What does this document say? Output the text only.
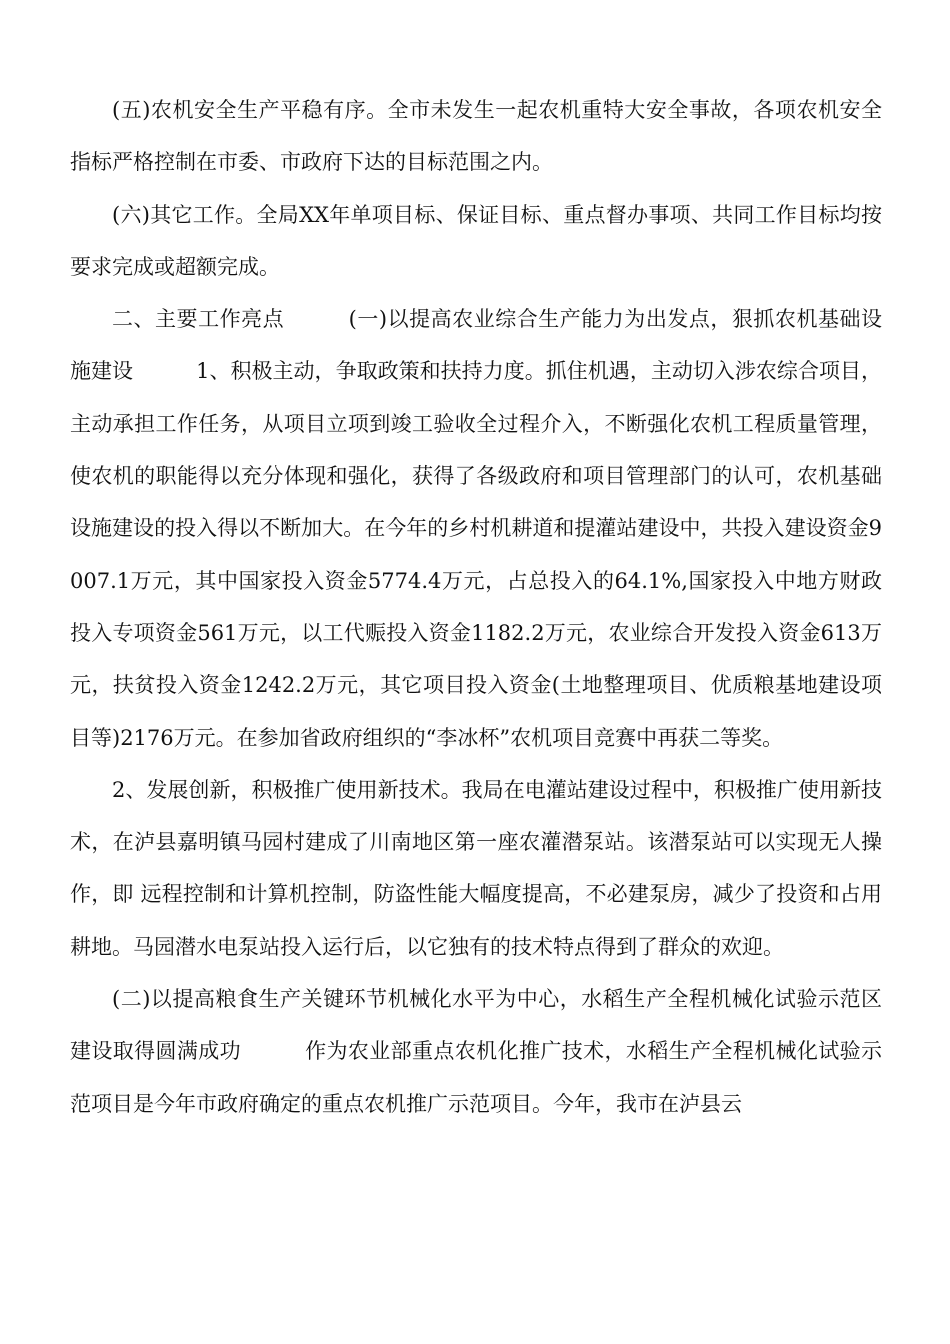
(五)农机安全生产平稳有序。全市未发生一起农机重特大安全事故，各项农机安全指标严格控制在市委、市政府下达的目标范围之内。

(六)其它工作。全局XX年单项目标、保证目标、重点督办事项、共同工作目标均按要求完成或超额完成。

二、主要工作亮点　　　(一)以提高农业综合生产能力为出发点，狠抓农机基础设施建设　　　1、积极主动，争取政策和扶持力度。抓住机遇，主动切入涉农综合项目，主动承担工作任务，从项目立项到竣工验收全过程介入，不断强化农机工程质量管理，使农机的职能得以充分体现和强化，获得了各级政府和项目管理部门的认可，农机基础设施建设的投入得以不断加大。在今年的乡村机耕道和提灌站建设中，共投入建设资金9007.1万元，其中国家投入资金5774.4万元，占总投入的64.1%,国家投入中地方财政投入专项资金561万元，以工代赈投入资金1182.2万元，农业综合开发投入资金613万元，扶贫投入资金1242.2万元，其它项目投入资金(土地整理项目、优质粮基地建设项目等)2176万元。在参加省政府组织的“李冰杯”农机项目竞赛中再获二等奖。

2、发展创新，积极推广使用新技术。我局在电灌站建设过程中，积极推广使用新技术，在泸县嘉明镇马园村建成了川南地区第一座农灌潜泵站。该潜泵站可以实现无人操作，即 远程控制和计算机控制，防盗性能大幅度提高，不必建泵房，减少了投资和占用耕地。马园潜水电泵站投入运行后，以它独有的技术特点得到了群众的欢迎。

(二)以提高粮食生产关键环节机械化水平为中心，水稻生产全程机械化试验示范区建设取得圆满成功　　　作为农业部重点农机化推广技术，水稻生产全程机械化试验示范项目是今年市政府确定的重点农机推广示范项目。今年，我市在泸县云
